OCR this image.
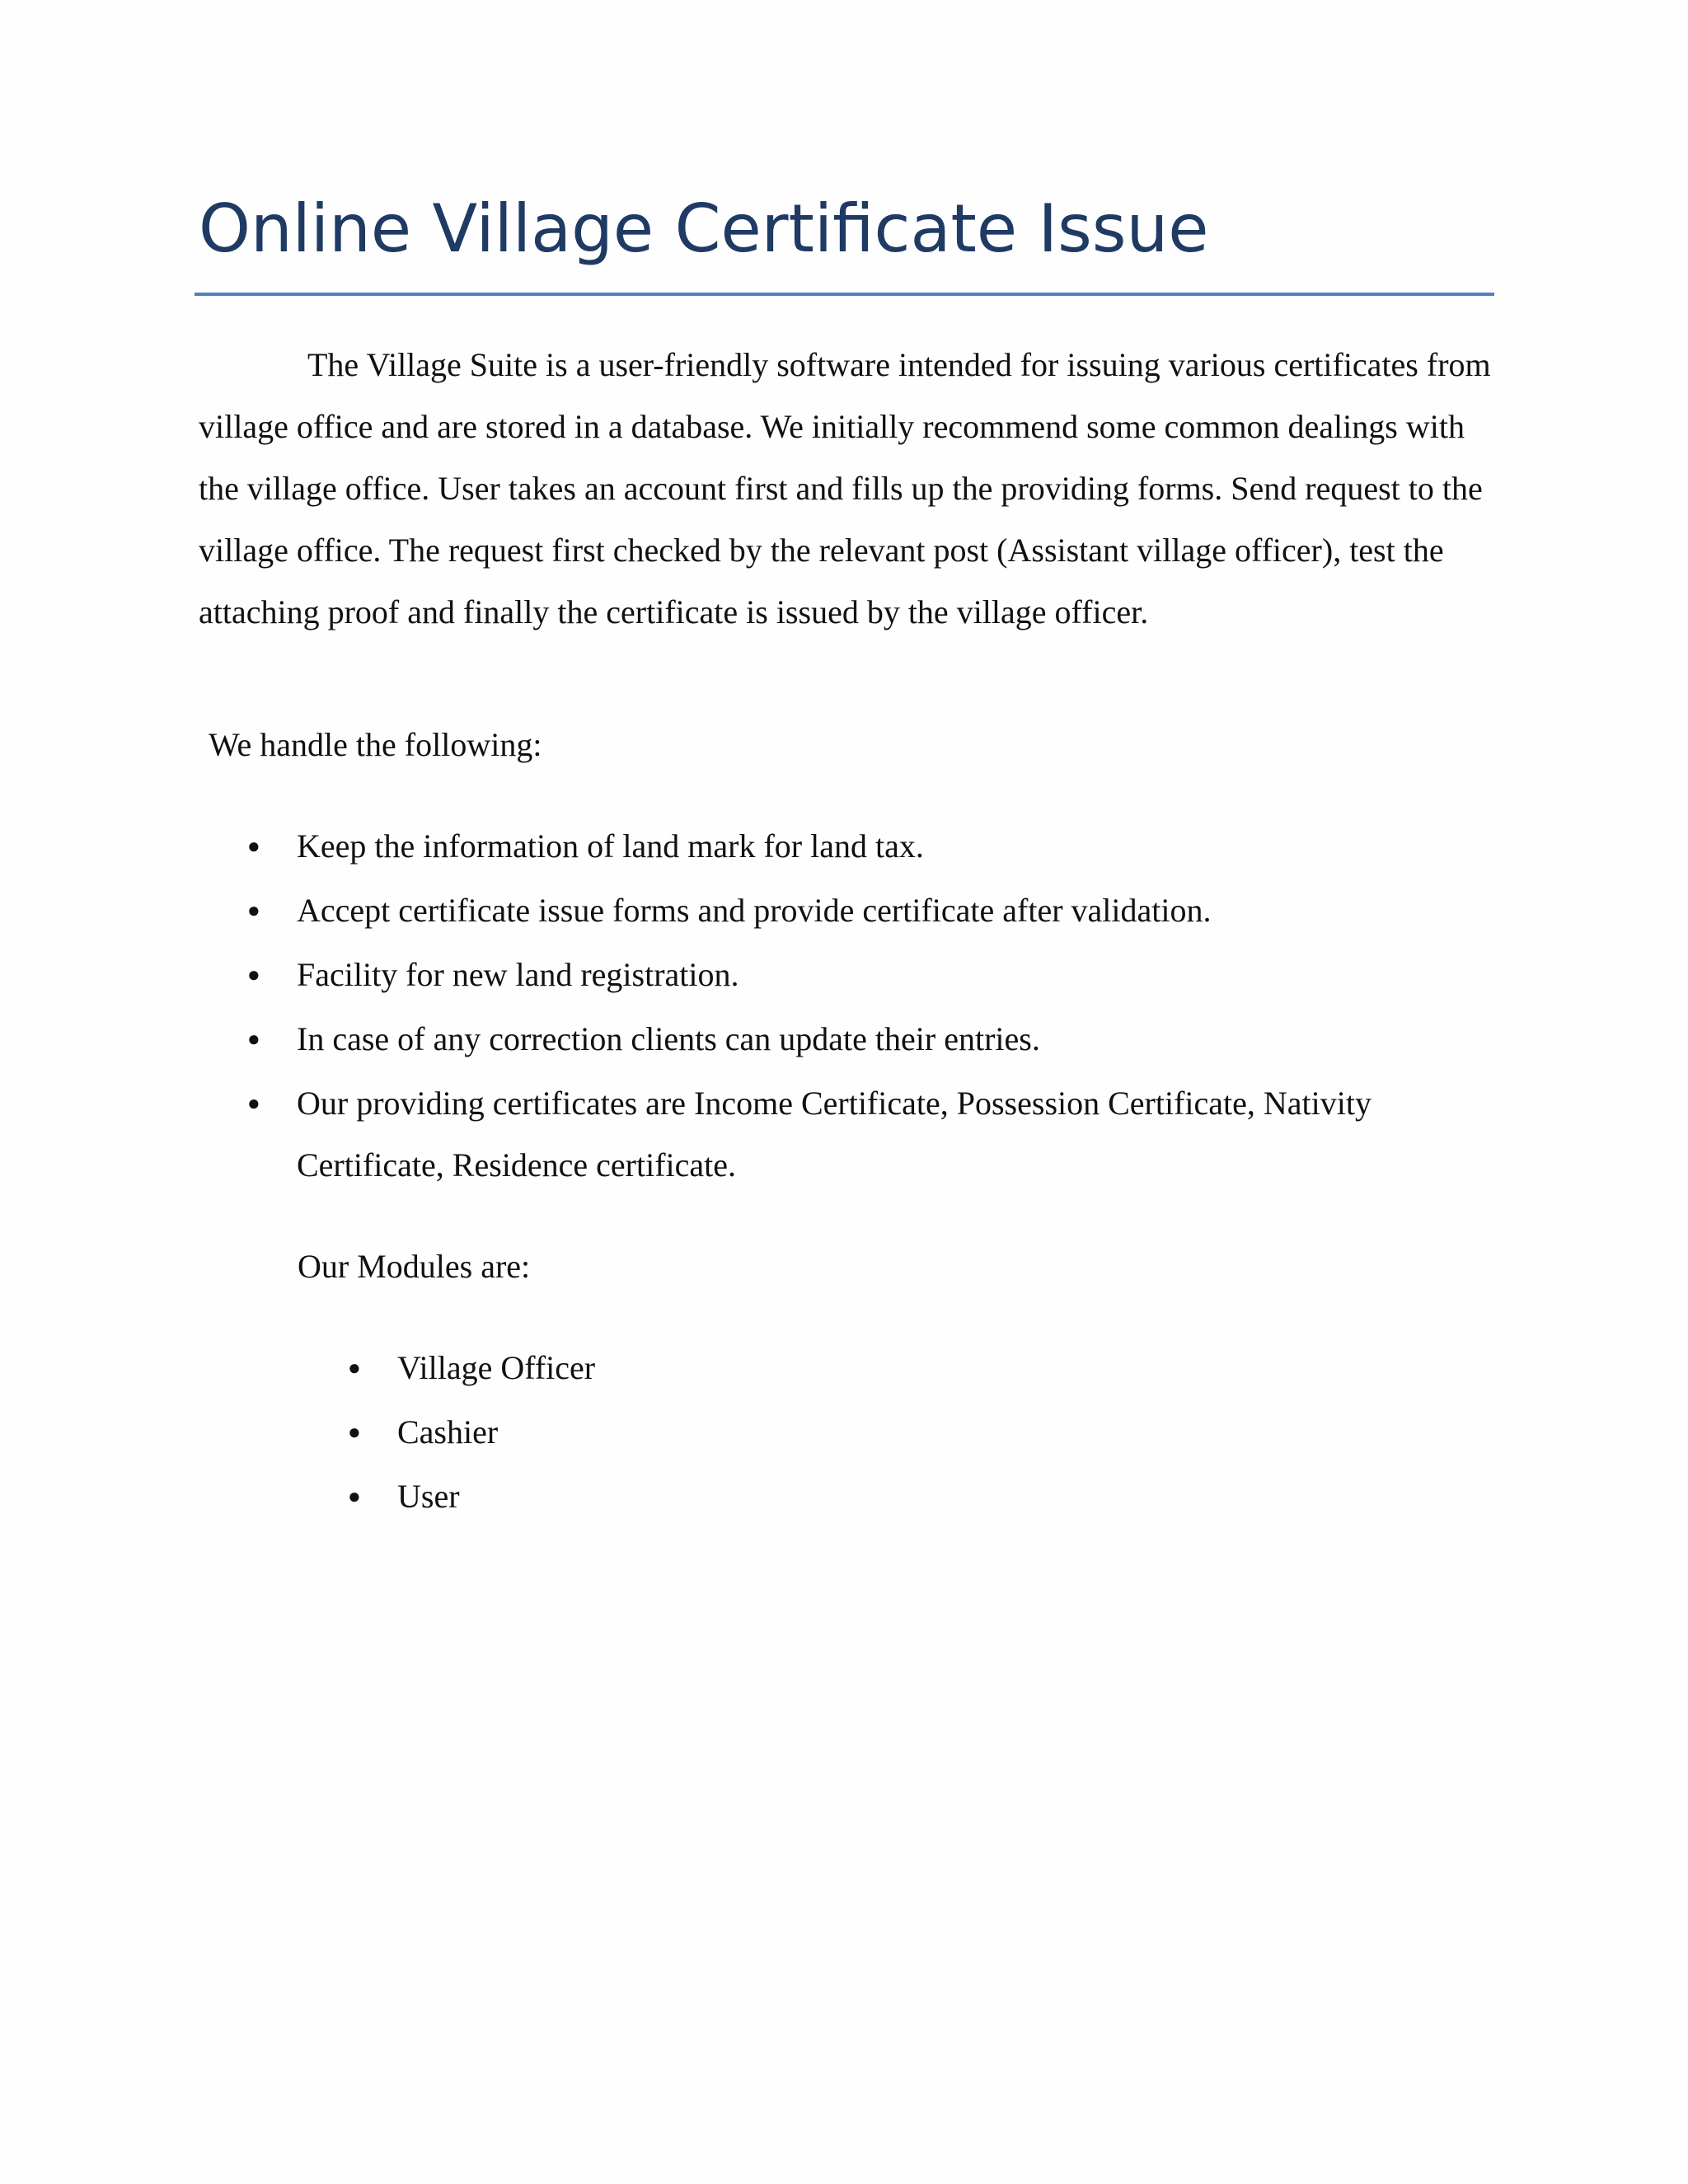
Online Village Certificate Issue

The Village Suite is a user-friendly software intended for issuing various certificates from village office and are stored in a database. We initially recommend some common dealings with the village office. User takes an account first and fills up the providing forms. Send request to the village office. The request first checked by the relevant post (Assistant village officer), test the attaching proof and finally the certificate is issued by the village officer.

We handle the following:

● Keep the information of land mark for land tax.
● Accept certificate issue forms and provide certificate after validation.
● Facility for new land registration.
● In case of any correction clients can update their entries.
● Our providing certificates are Income Certificate, Possession Certificate, Nativity Certificate, Residence certificate.

Our Modules are:

● Village Officer
● Cashier
● User
